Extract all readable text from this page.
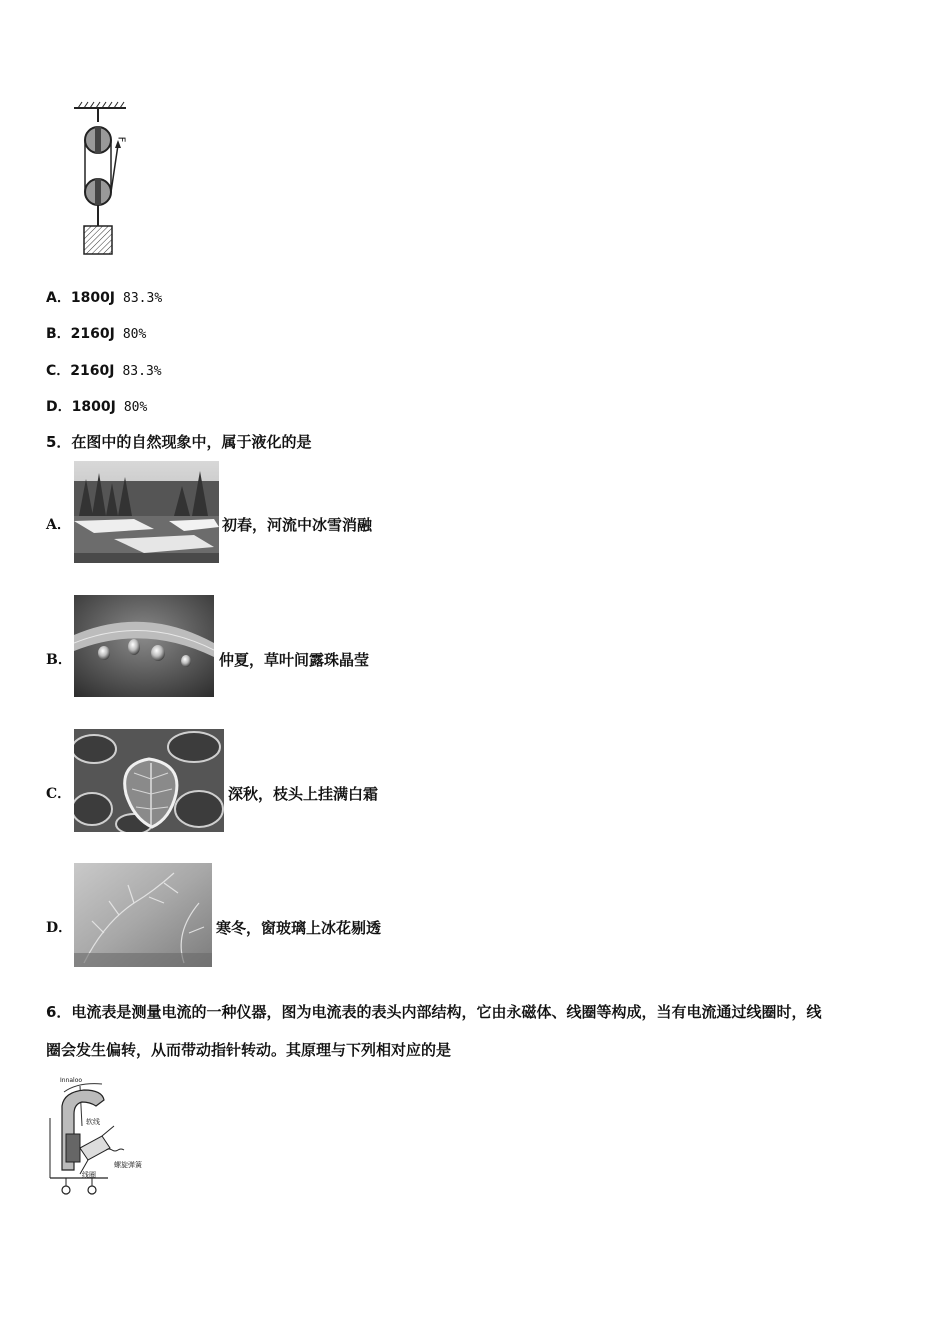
F
A．1800J 83.3%
B．2160J 80%
C．2160J 83.3%
D．1800J 80%
5．在图中的自然现象中，属于液化的是
A．	初春，河流中冰雪消融
B．	仲夏，草叶间露珠晶莹
C．	深秋，枝头上挂满白霜
D．	寒冬，窗玻璃上冰花剔透
6．电流表是测量电流的一种仪器，图为电流表的表头内部结构，它由永磁体、线圈等构成，当有电流通过线圈时，线
圈会发生偏转，从而带动指针转动。其原理与下列相对应的是
Innaloo
软线
线圈
螺旋弹簧
